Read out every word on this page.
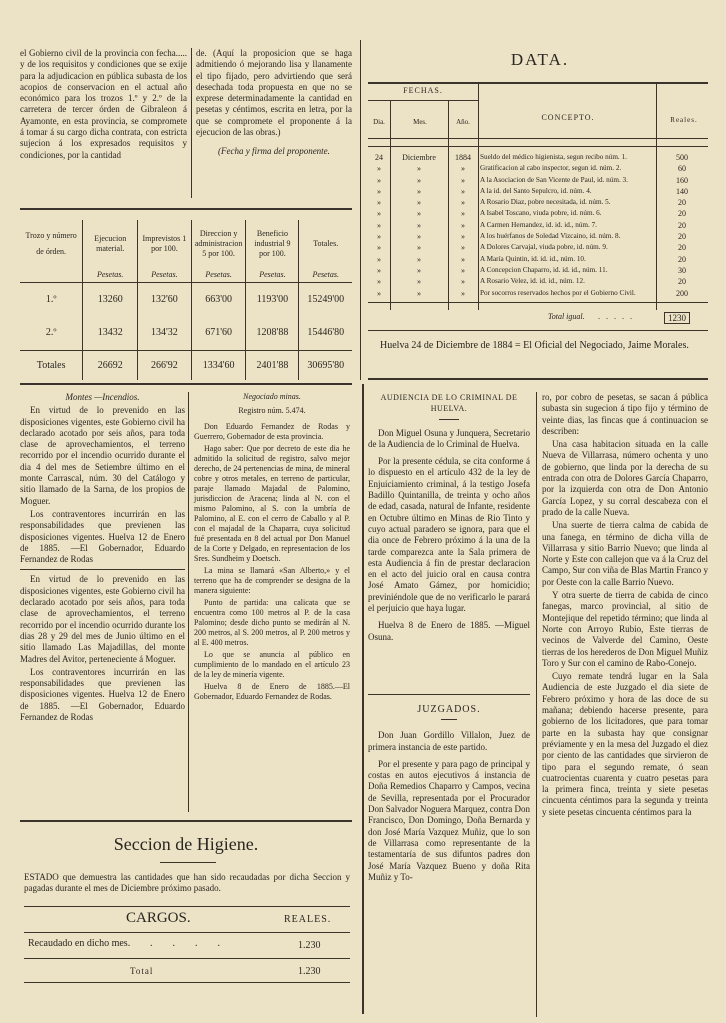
el Gobierno civil de la provincia con fecha..... y de los requisitos y condiciones que se exije para la adjudicacion en pública subasta de los acopios de conservacion en el actual año económico para los trozos 1.º y 2.º de la carretera de tercer órden de Gibraleon á Ayamonte, en esta provincia, se compromete á tomar á su cargo dicha contrata, con estricta sujecion á los expresados requisitos y condiciones, por la cantidad

de. (Aquí la proposicion que se haga admitiendo ó mejorando lisa y llanamente el tipo fijado, pero advirtiendo que será desechada toda propuesta en que no se exprese determinadamente la cantidad en pesetas y céntimos, escrita en letra, por la que se compromete el proponente á la ejecucion de las obras.)

(Fecha y firma del proponente.

Trozo y número
de órden.	Ejecucion material.	Imprevistos 1 por 100.	Direccion y administracion 5 por 100.	Beneficio industrial 9 por 100.	Totales.
	Pesetas.	Pesetas.	Pesetas.	Pesetas.	Pesetas.
1.º	13260	132'60	663'00	1193'00	15249'00
2.º	13432	134'32	671'60	1208'88	15446'80
Totales	26692	266'92	1334'60	2401'88	30695'80

Montes —Incendios.

En virtud de lo prevenido en las disposiciones vigentes, este Gobierno civil ha declarado acotado por seis años, para toda clase de aprovechamientos, el terreno recorrido por el incendio ocurrido durante el dia 4 del mes de Setiembre último en el monte Carrascal, núm. 30 del Catálogo y sitio llamado de la Sarna, de los propios de Moguer.

Los contraventores incurrirán en las responsabilidades que previenen las disposiciones vigentes. Huelva 12 de Enero de 1885. —El Gobernador, Eduardo Fernandez de Rodas

En virtud de lo prevenido en las disposiciones vigentes, este Gobierno civil ha declarado acotado por seis años, para toda clase de aprovechamientos, el terreno recorrido por el incendio ocurrido durante los dias 28 y 29 del mes de Junio último en el sitio llamado Las Majadillas, del monte Madres del Avitor, perteneciente á Moguer.

Los contraventores incurrirán en las responsabilidades que previenen las disposiciones vigentes. Huelva 12 de Enero de 1885. —El Gobernador, Eduardo Fernandez de Rodas

Negociado minas.

Registro núm. 5.474.

Don Eduardo Fernandez de Rodas y Guerrero, Gobernador de esta provincia.

Hago saber: Que por decreto de este dia he admitido la solicitud de registro, salvo mejor derecho, de 24 pertenencias de mina, de mineral cobre y otros metales, en terreno de particular, paraje llamado Majadal de Palomino, jurisdiccion de Aracena; linda al N. con el mismo Palomino, al S. con la umbría de Palomino, al E. con el cerro de Caballo y al P. con el majadal de la Chaparra, cuya solicitud fué presentada en 8 del actual por Don Manuel de la Corte y Delgado, en representacion de los Sres. Sundheim y Doetsch.

La mina se llamará «San Alberto,» y el terreno que ha de comprender se designa de la manera siguiente:

Punto de partida: una calicata que se encuentra como 100 metros al P. de la casa Palomino; desde dicho punto se medirán al N. 200 metros, al S. 200 metros, al P. 200 metros y al E. 400 metros.

Lo que se anuncia al público en cumplimiento de lo mandado en el artículo 23 de la ley de minería vigente.

Huelva 8 de Enero de 1885.—El Gobernador, Eduardo Fernandez de Rodas.

Seccion de Higiene.

ESTADO que demuestra las cantidades que han sido recaudadas por dicha Seccion y pagadas durante el mes de Diciembre próximo pasado.

CARGOS.	REALES.
Recaudado en dicho mes. ....	1.230
Total	1.230
DATA.
FECHAS.
Dia.	Mes.	Año.	CONCEPTO.	Reales.
24	Diciembre	1884	Sueldo del médico higienista, segun recibo núm. 1.	500
»	»	»	Gratificacion al cabo inspector, segun id. núm. 2.	60
»	»	»	A la Asociacion de San Vicente de Paul, id. núm. 3.	160
»	»	»	A la id. del Santo Sepulcro, id. núm. 4.	140
»	»	»	A Rosario Diaz, pobre necesitada, id. núm. 5.	20
»	»	»	A Isabel Toscano, viuda pobre, id. núm. 6.	20
»	»	»	A Carmen Hernandez, id. id. id., núm. 7.	20
»	»	»	A los huérfanos de Soledad Vizcaino, id. núm. 8.	20
»	»	»	A Dolores Carvajal, viuda pobre, id. núm. 9.	20
»	»	»	A María Quintin, id. id. id., núm. 10.	20
»	»	»	A Concepcion Chaparro, id. id. id., núm. 11.	30
»	»	»	A Rosario Velez, id. id. id., núm. 12.	20
»	»	»	Por socorros reservados hechos por el Gobierno Civil.	200
Total igual. .....	1230

Huelva 24 de Diciembre de 1884 = El Oficial del Negociado, Jaime Morales.

AUDIENCIA DE LO CRIMINAL DE HUELVA.

Don Miguel Osuna y Junquera, Secretario de la Audiencia de lo Criminal de Huelva.

Por la presente cédula, se cita conforme á lo dispuesto en el artículo 432 de la ley de Enjuiciamiento criminal, á la testigo Josefa Badillo Quintanilla, de treinta y ocho años de edad, casada, natural de Infante, residente en Octubre último en Minas de Rio Tinto y cuyo actual paradero se ignora, para que el dia once de Febrero próximo á la una de la tarde comparezca ante la Sala primera de esta Audiencia á fin de prestar declaracion en el acto del juicio oral en causa contra José Amato Gámez, por homicidio; previniéndole que de no verificarlo le parará el perjuicio que haya lugar.

Huelva 8 de Enero de 1885. —Miguel Osuna.

JUZGADOS.

Don Juan Gordillo Villalon, Juez de primera instancia de este partido.

Por el presente y para pago de principal y costas en autos ejecutivos á instancia de Doña Remedios Chaparro y Campos, vecina de Sevilla, representada por el Procurador Don Salvador Noguera Marquez, contra Don Francisco, Don Domingo, Doña Bernarda y don José María Vazquez Muñiz, que lo son de Villarrasa como representante de la testamentaría de sus difuntos padres don José María Vazquez Bueno y doña Rita Muñiz y To-

ro, por cobro de pesetas, se sacan á pública subasta sin sugecion á tipo fijo y término de veinte dias, las fincas que á continuacion se describen:

Una casa habitacion situada en la calle Nueva de Villarrasa, número ochenta y uno de gobierno, que linda por la derecha de su entrada con otra de Dolores García Chaparro, por la izquierda con otra de Don Antonio García Lopez, y su corral descabeza con el prado de la calle Nueva.

Una suerte de tierra calma de cabida de una fanega, en término de dicha villa de Villarrasa y sitio Barrio Nuevo; que linda al Norte y Este con callejon que va á la Cruz del Campo, Sur con viña de Blas Martin Franco y por Oeste con la calle Barrio Nuevo.

Y otra suerte de tierra de cabida de cinco fanegas, marco provincial, al sitio de Montejique del repetido término; que linda al Norte con Arroyo Rubio, Este tierras de vecinos de Valverde del Camino, Oeste tierras de los herederos de Don Miguel Muñiz Toro y Sur con el camino de Rabo-Conejo.

Cuyo remate tendrá lugar en la Sala Audiencia de este Juzgado el dia siete de Febrero próximo y hora de las doce de su mañana; debiendo hacerse presente, para gobierno de los licitadores, que para tomar parte en la subasta hay que consignar préviamente y en la mesa del Juzgado el diez por ciento de las cantidades que sirvieron de tipo para el segundo remate, ó sean cuatrocientas cuarenta y cuatro pesetas para la primera finca, treinta y siete pesetas cincuenta céntimos para la segunda y treinta y siete pesetas cincuenta céntimos para la
